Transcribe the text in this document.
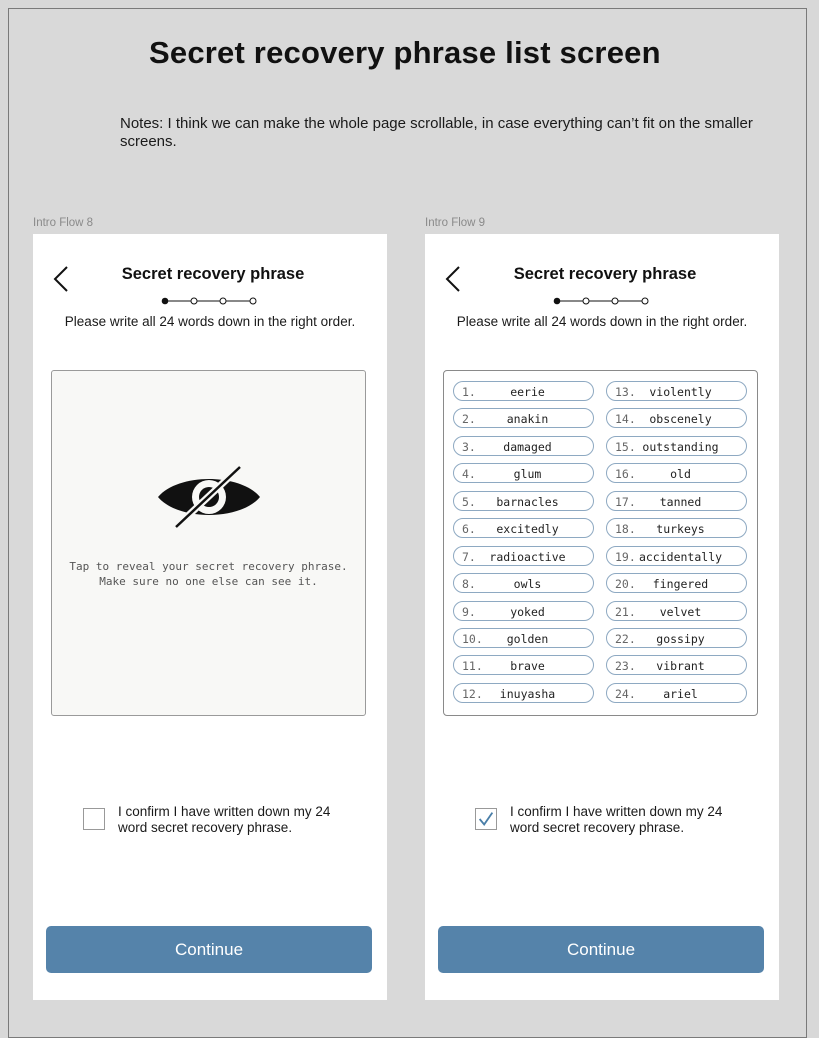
Secret recovery phrase list screen
Notes: I think we can make the whole page scrollable, in case everything can’t fit on the smaller screens.
Intro Flow 8
Secret recovery phrase
Please write all 24 words down in the right order.
Tap to reveal your secret recovery phrase. Make sure no one else can see it.
I confirm I have written down my 24 word secret recovery phrase.
Continue
Intro Flow 9
Secret recovery phrase
Please write all 24 words down in the right order.
1.	eerie
2.	anakin
3.	damaged
4.	glum
5.	barnacles
6.	excitedly
7.	radioactive
8.	owls
9.	yoked
10.	golden
11.	brave
12.	inuyasha
13.	violently
14.	obscenely
15. outstanding
16.	old
17.	tanned
18.	turkeys
19. accidentally
20.	fingered
21.	velvet
22.	gossipy
23.	vibrant
24.	ariel
I confirm I have written down my 24 word secret recovery phrase.
Continue
